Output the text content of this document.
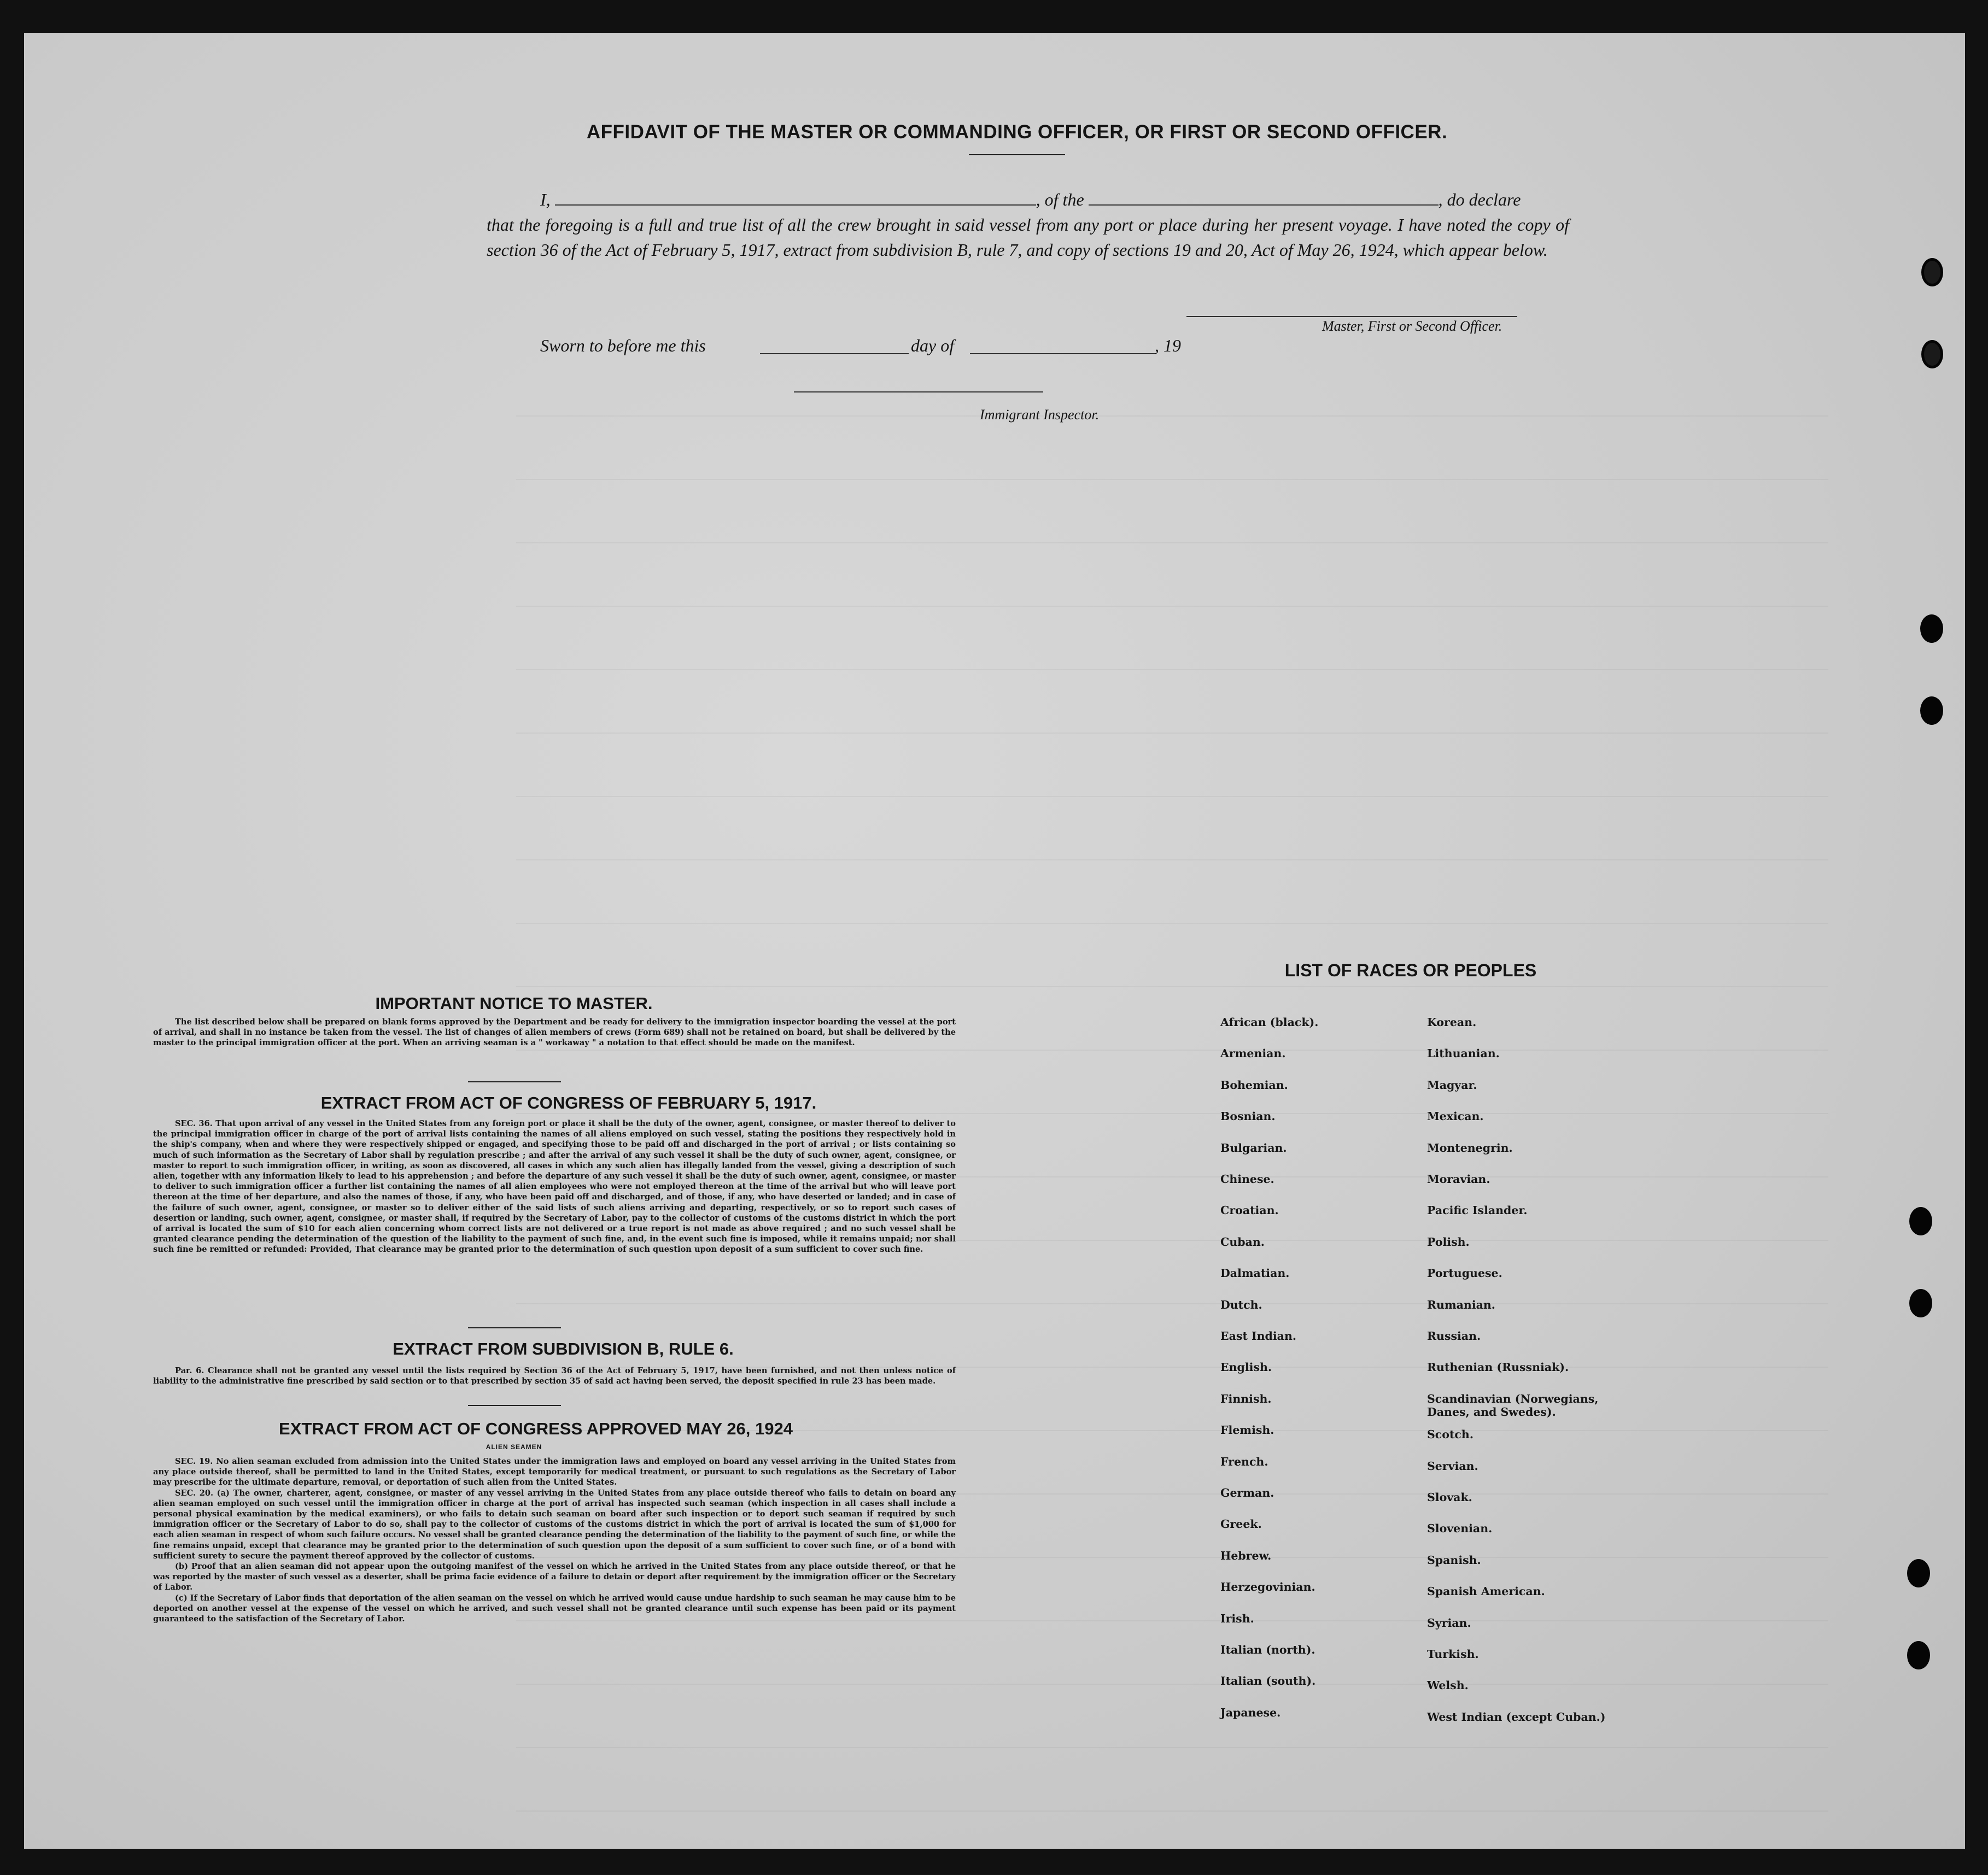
AFFIDAVIT OF THE MASTER OR COMMANDING OFFICER, OR FIRST OR SECOND OFFICER.

I,	, of the	, do declare

that the foregoing is a full and true list of all the crew brought in said vessel from any port or place during her present voyage. I have noted the copy of section 36 of the Act of February 5, 1917, extract from subdivision B, rule 7, and copy of sections 19 and 20, Act of May 26, 1924, which appear below.

Master, First or Second Officer.
Sworn to before me this	day of	, 19
Immigrant Inspector.
IMPORTANT NOTICE TO MASTER.

The list described below shall be prepared on blank forms approved by the Department and be ready for delivery to the immigration inspector boarding the vessel at the port of arrival, and shall in no instance be taken from the vessel. The list of changes of alien members of crews (Form 689) shall not be retained on board, but shall be delivered by the master to the principal immigration officer at the port. When an arriving seaman is a " workaway " a notation to that effect should be made on the manifest.

EXTRACT FROM ACT OF CONGRESS OF FEBRUARY 5, 1917.

SEC. 36. That upon arrival of any vessel in the United States from any foreign port or place it shall be the duty of the owner, agent, consignee, or master thereof to deliver to the principal immigration officer in charge of the port of arrival lists containing the names of all aliens employed on such vessel, stating the positions they respectively hold in the ship's company, when and where they were respectively shipped or engaged, and specifying those to be paid off and discharged in the port of arrival ; or lists containing so much of such information as the Secretary of Labor shall by regulation prescribe ; and after the arrival of any such vessel it shall be the duty of such owner, agent, consignee, or master to report to such immigration officer, in writing, as soon as discovered, all cases in which any such alien has illegally landed from the vessel, giving a description of such alien, together with any information likely to lead to his apprehension ; and before the departure of any such vessel it shall be the duty of such owner, agent, consignee, or master to deliver to such immigration officer a further list containing the names of all alien employees who were not employed thereon at the time of the arrival but who will leave port thereon at the time of her departure, and also the names of those, if any, who have been paid off and discharged, and of those, if any, who have deserted or landed; and in case of the failure of such owner, agent, consignee, or master so to deliver either of the said lists of such aliens arriving and departing, respectively, or so to report such cases of desertion or landing, such owner, agent, consignee, or master shall, if required by the Secretary of Labor, pay to the collector of customs of the customs district in which the port of arrival is located the sum of $10 for each alien concerning whom correct lists are not delivered or a true report is not made as above required ; and no such vessel shall be granted clearance pending the determination of the question of the liability to the payment of such fine, and, in the event such fine is imposed, while it remains unpaid; nor shall such fine be remitted or refunded: Provided, That clearance may be granted prior to the determination of such question upon deposit of a sum sufficient to cover such fine.

EXTRACT FROM SUBDIVISION B, RULE 6.

Par. 6. Clearance shall not be granted any vessel until the lists required by Section 36 of the Act of February 5, 1917, have been furnished, and not then unless notice of liability to the administrative fine prescribed by said section or to that prescribed by section 35 of said act having been served, the deposit specified in rule 23 has been made.

EXTRACT FROM ACT OF CONGRESS APPROVED MAY 26, 1924
ALIEN SEAMEN

SEC. 19. No alien seaman excluded from admission into the United States under the immigration laws and employed on board any vessel arriving in the United States from any place outside thereof, shall be permitted to land in the United States, except temporarily for medical treatment, or pursuant to such regulations as the Secretary of Labor may prescribe for the ultimate departure, removal, or deportation of such alien from the United States.

SEC. 20. (a) The owner, charterer, agent, consignee, or master of any vessel arriving in the United States from any place outside thereof who fails to detain on board any alien seaman employed on such vessel until the immigration officer in charge at the port of arrival has inspected such seaman (which inspection in all cases shall include a personal physical examination by the medical examiners), or who fails to detain such seaman on board after such inspection or to deport such seaman if required by such immigration officer or the Secretary of Labor to do so, shall pay to the collector of customs of the customs district in which the port of arrival is located the sum of $1,000 for each alien seaman in respect of whom such failure occurs. No vessel shall be granted clearance pending the determination of the liability to the payment of such fine, or while the fine remains unpaid, except that clearance may be granted prior to the determination of such question upon the deposit of a sum sufficient to cover such fine, or of a bond with sufficient surety to secure the payment thereof approved by the collector of customs.

(b) Proof that an alien seaman did not appear upon the outgoing manifest of the vessel on which he arrived in the United States from any place outside thereof, or that he was reported by the master of such vessel as a deserter, shall be prima facie evidence of a failure to detain or deport after requirement by the immigration officer or the Secretary of Labor.

(c) If the Secretary of Labor finds that deportation of the alien seaman on the vessel on which he arrived would cause undue hardship to such seaman he may cause him to be deported on another vessel at the expense of the vessel on which he arrived, and such vessel shall not be granted clearance until such expense has been paid or its payment guaranteed to the satisfaction of the Secretary of Labor.

LIST OF RACES OR PEOPLES
African (black).
Armenian.
Bohemian.
Bosnian.
Bulgarian.
Chinese.
Croatian.
Cuban.
Dalmatian.
Dutch.
East Indian.
English.
Finnish.
Flemish.
French.
German.
Greek.
Hebrew.
Herzegovinian.
Irish.
Italian (north).
Italian (south).
Japanese.
Korean.
Lithuanian.
Magyar.
Mexican.
Montenegrin.
Moravian.
Pacific Islander.
Polish.
Portuguese.
Rumanian.
Russian.
Ruthenian (Russniak).
Scandinavian (Norwegians,
Danes, and Swedes).
Scotch.
Servian.
Slovak.
Slovenian.
Spanish.
Spanish American.
Syrian.
Turkish.
Welsh.
West Indian (except Cuban.)
